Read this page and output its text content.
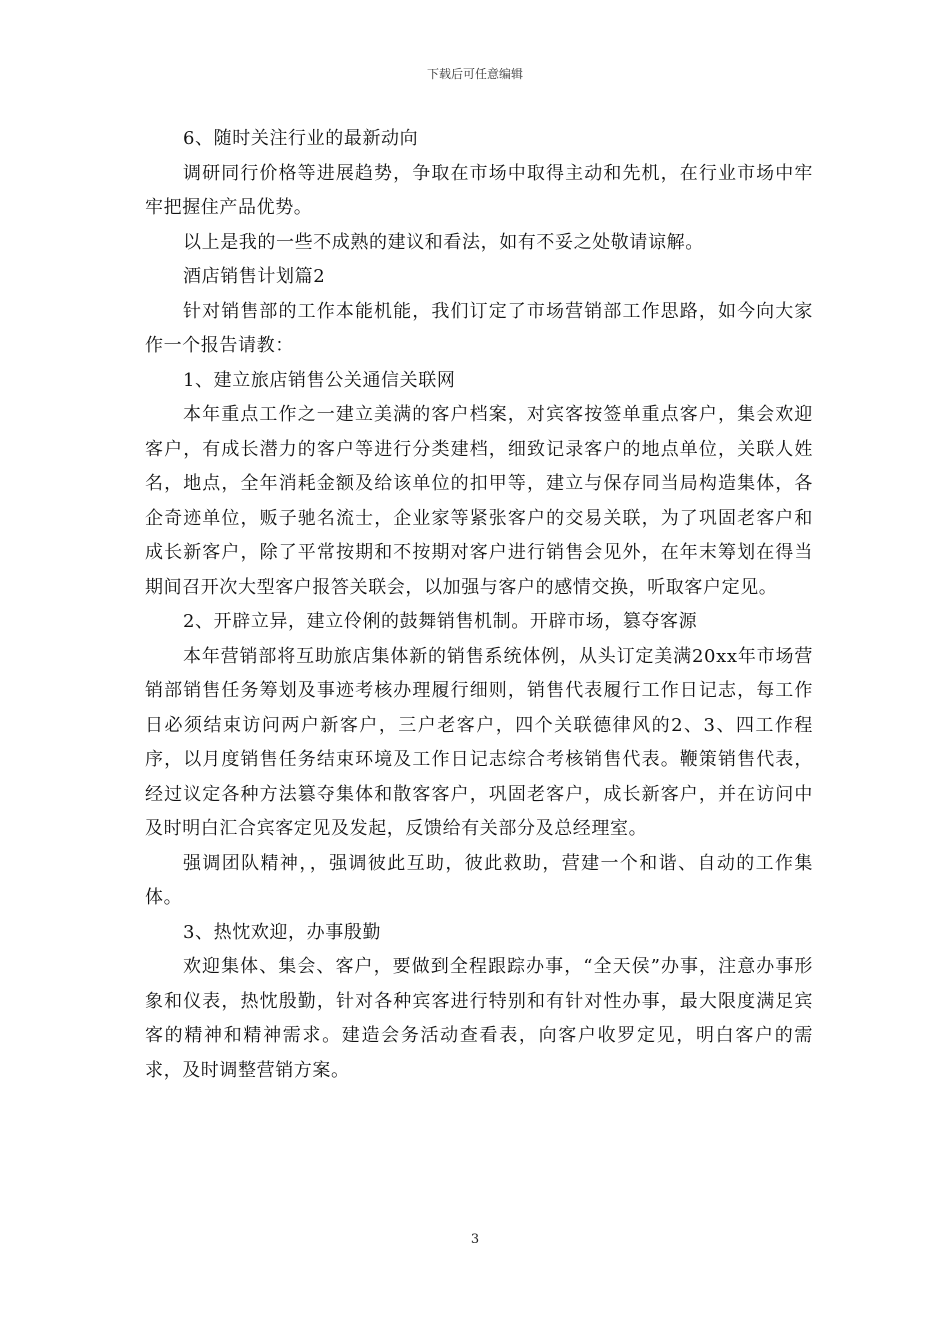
下载后可任意编辑

6、随时关注行业的最新动向

调研同行价格等进展趋势，争取在市场中取得主动和先机，在行业市场中牢牢把握住产品优势。

以上是我的一些不成熟的建议和看法，如有不妥之处敬请谅解。

酒店销售计划篇2

针对销售部的工作本能机能，我们订定了市场营销部工作思路，如今向大家作一个报告请教：

1、建立旅店销售公关通信关联网

本年重点工作之一建立美满的客户档案，对宾客按签单重点客户，集会欢迎客户，有成长潜力的客户等进行分类建档，细致记录客户的地点单位，关联人姓名，地点，全年消耗金额及给该单位的扣甲等，建立与保存同当局构造集体，各企奇迹单位，贩子驰名流士，企业家等紧张客户的交易关联，为了巩固老客户和成长新客户，除了平常按期和不按期对客户进行销售会见外，在年末筹划在得当期间召开次大型客户报答关联会，以加强与客户的感情交换，听取客户定见。

2、开辟立异，建立伶俐的鼓舞销售机制。开辟市场，篡夺客源

本年营销部将互助旅店集体新的销售系统体例，从头订定美满20xx年市场营销部销售任务筹划及事迹考核办理履行细则，销售代表履行工作日记志，每工作日必须结束访问两户新客户，三户老客户，四个关联德律风的2、3、四工作程序，以月度销售任务结束环境及工作日记志综合考核销售代表。鞭策销售代表，经过议定各种方法篡夺集体和散客客户，巩固老客户，成长新客户，并在访问中及时明白汇合宾客定见及发起，反馈给有关部分及总经理室。

强调团队精神，，强调彼此互助，彼此救助，营建一个和谐、自动的工作集体。

3、热忱欢迎，办事殷勤

欢迎集体、集会、客户，要做到全程跟踪办事，“全天侯”办事，注意办事形象和仪表，热忱殷勤，针对各种宾客进行特别和有针对性办事，最大限度满足宾客的精神和精神需求。建造会务活动查看表，向客户收罗定见，明白客户的需求，及时调整营销方案。

3
